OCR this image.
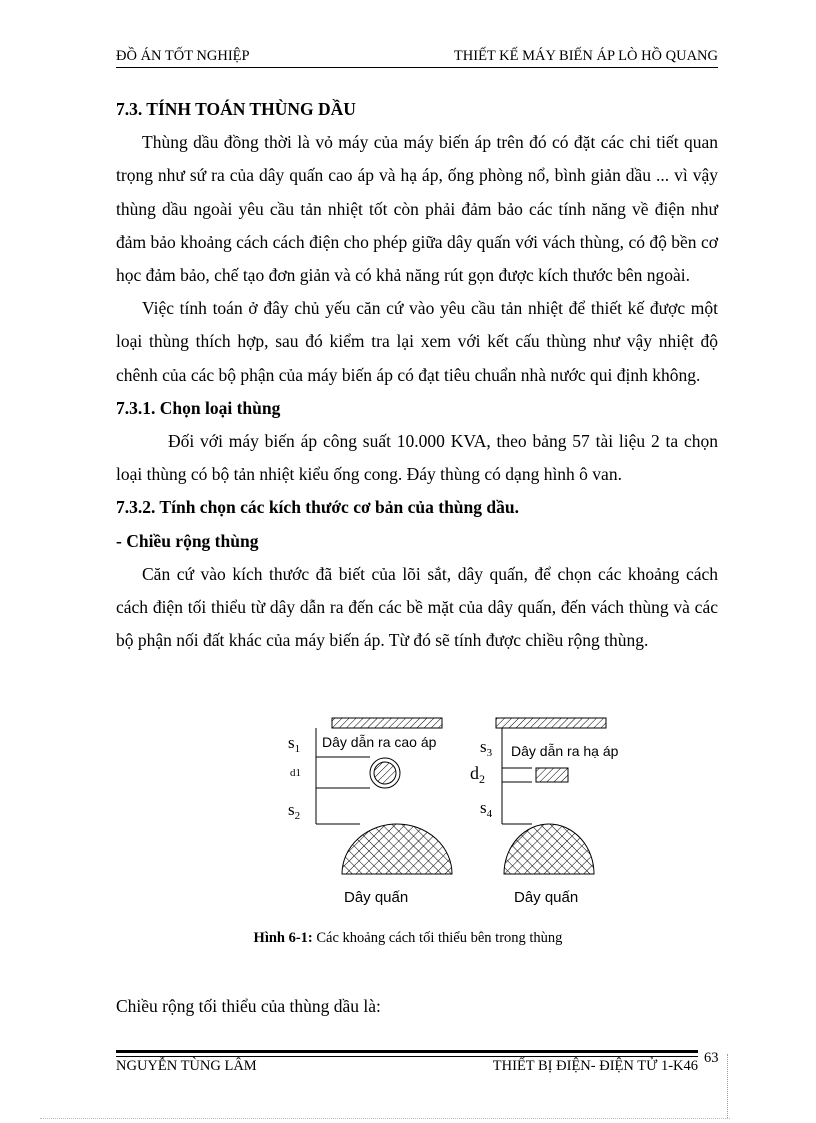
ĐỒ ÁN TỐT NGHIỆP	THIẾT KẾ MÁY BIẾN ÁP LÒ HỒ QUANG
7.3. TÍNH TOÁN THÙNG DẦU

Thùng dầu đồng thời là vỏ máy của máy biến áp trên đó có đặt các chi tiết quan trọng như sứ ra của dây quấn cao áp và hạ áp, ống phòng nổ, bình giản dầu ... vì vậy thùng dầu ngoài yêu cầu tản nhiệt tốt còn phải đảm bảo các tính năng về điện như đảm bảo khoảng cách cách điện cho phép giữa dây quấn với vách thùng, có độ bền cơ học đảm bảo, chế tạo đơn giản và có khả năng rút gọn được kích thước bên ngoài.

Việc tính toán ở đây chủ yếu căn cứ vào yêu cầu tản nhiệt để thiết kế được một loại thùng thích hợp, sau đó kiểm tra lại xem với kết cấu thùng như vậy nhiệt độ chênh của các bộ phận của máy biến áp có đạt tiêu chuẩn nhà nước qui định không.

7.3.1. Chọn loại thùng

Đối với máy biến áp công suất 10.000 KVA, theo bảng 57 tài liệu 2 ta chọn loại thùng có bộ tản nhiệt kiểu ống cong. Đáy thùng có dạng hình ô van.

7.3.2. Tính chọn các kích thước cơ bản của thùng dầu.
- Chiều rộng thùng

Căn cứ vào kích thước đã biết của lõi sắt, dây quấn, để chọn các khoảng cách cách điện tối thiểu từ dây dẫn ra đến các bề mặt của dây quấn, đến vách thùng và các bộ phận nối đất khác của máy biến áp. Từ đó sẽ tính được chiều rộng thùng.

$s_1$
d1
$s_2$
Dây dẫn ra cao áp
Dây quấn
$s_3$
$d_2$
$s_4$
Dây dẫn ra hạ áp
Dây quấn
Hình 6-1: Các khoảng cách tối thiểu bên trong thùng
Chiều rộng tối thiểu của thùng dầu là:
NGUYỄN TÙNG LÂM	THIẾT BỊ ĐIỆN- ĐIỆN TỬ 1-K46 63
